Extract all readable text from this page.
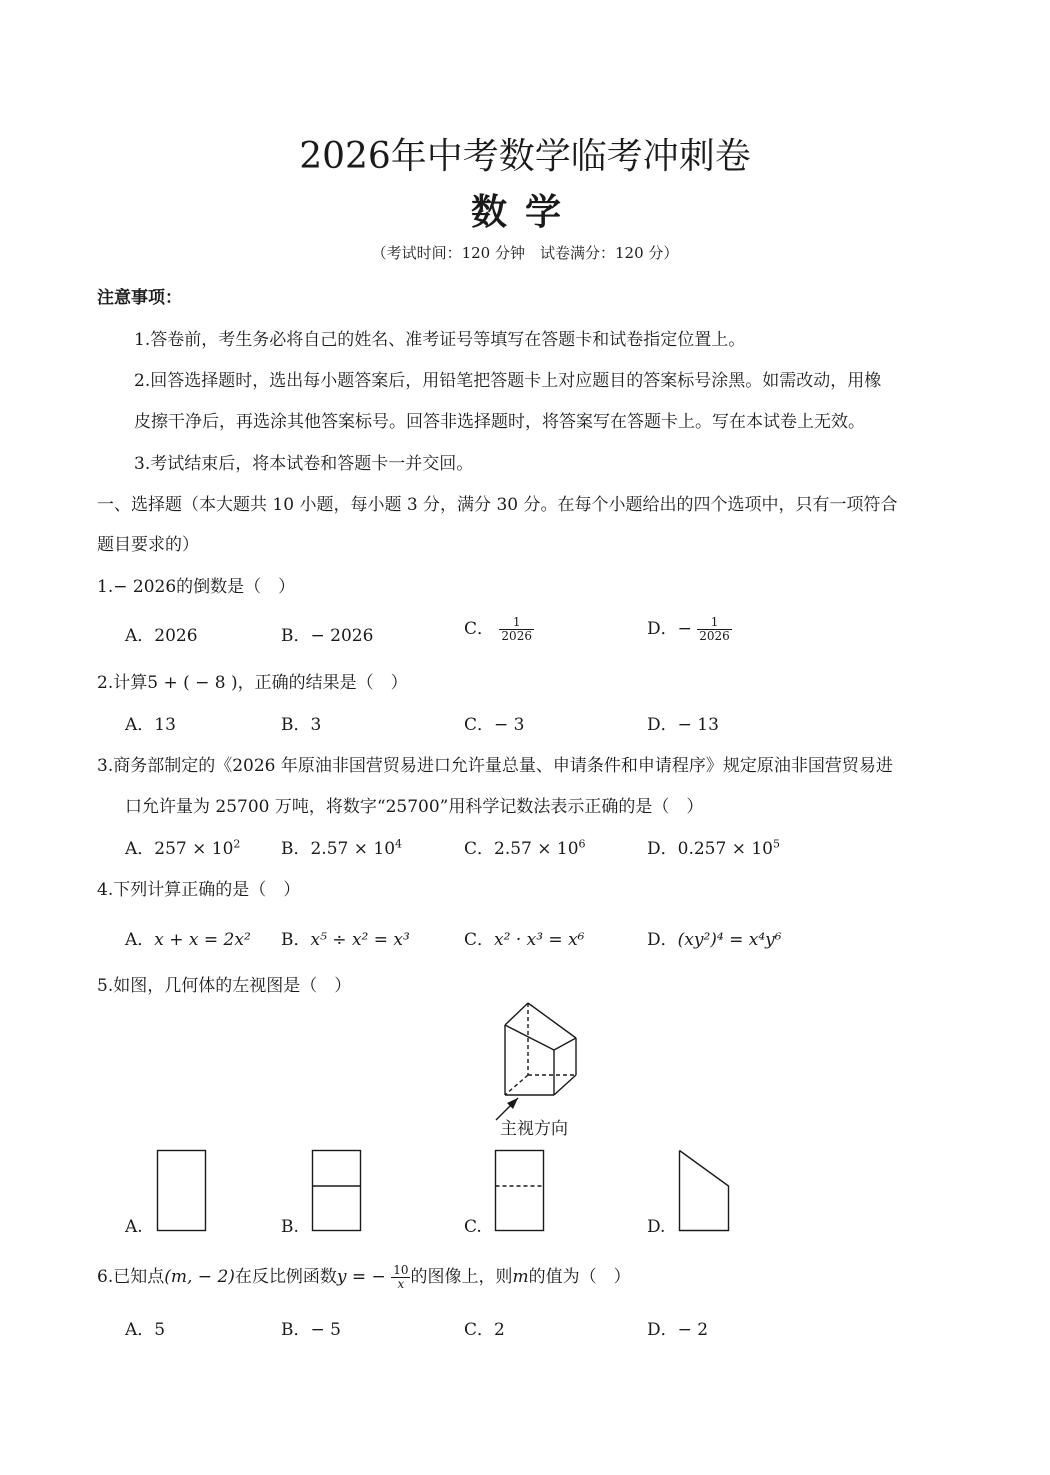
2026年中考数学临考冲刺卷
数学
（考试时间：120 分钟　试卷满分：120 分）
注意事项：
1.答卷前，考生务必将自己的姓名、准考证号等填写在答题卡和试卷指定位置上。
2.回答选择题时，选出每小题答案后，用铅笔把答题卡上对应题目的答案标号涂黑。如需改动，用橡
皮擦干净后，再选涂其他答案标号。回答非选择题时，将答案写在答题卡上。写在本试卷上无效。
3.考试结束后，将本试卷和答题卡一并交回。
一、选择题（本大题共 10 小题，每小题 3 分，满分 30 分。在每个小题给出的四个选项中，只有一项符合
题目要求的）
1.− 2026的倒数是（　）
A．2026	B．− 2026	C． $\frac{1}{2026}$	D．− $\frac{1}{2026}$
2.计算5 + ( − 8 )，正确的结果是（　）
A．13	B．3	C．− 3	D．− 13
3.商务部制定的《2026 年原油非国营贸易进口允许量总量、申请条件和申请程序》规定原油非国营贸易进
口允许量为 25700 万吨，将数字“25700”用科学记数法表示正确的是（　）
A．$257 \times 10^2$ B．$2.57 \times 10^4$	C．$2.57 \times 10^6$	D．$0.257 \times 10^5$
4.下列计算正确的是（　）
A．x + x = 2x² B．x⁵ ÷ x² = x³	C．x² · x³ = x⁶	D．(xy²)⁴ = x⁴y⁶
5.如图，几何体的左视图是（　）
主视方向
A.	B.	C.	D.
6.已知点(m, − 2)在反比例函数y = − $\frac{10}{x}$ 的图像上，则m的值为（　）
A．5	B．− 5	C．2	D．− 2
